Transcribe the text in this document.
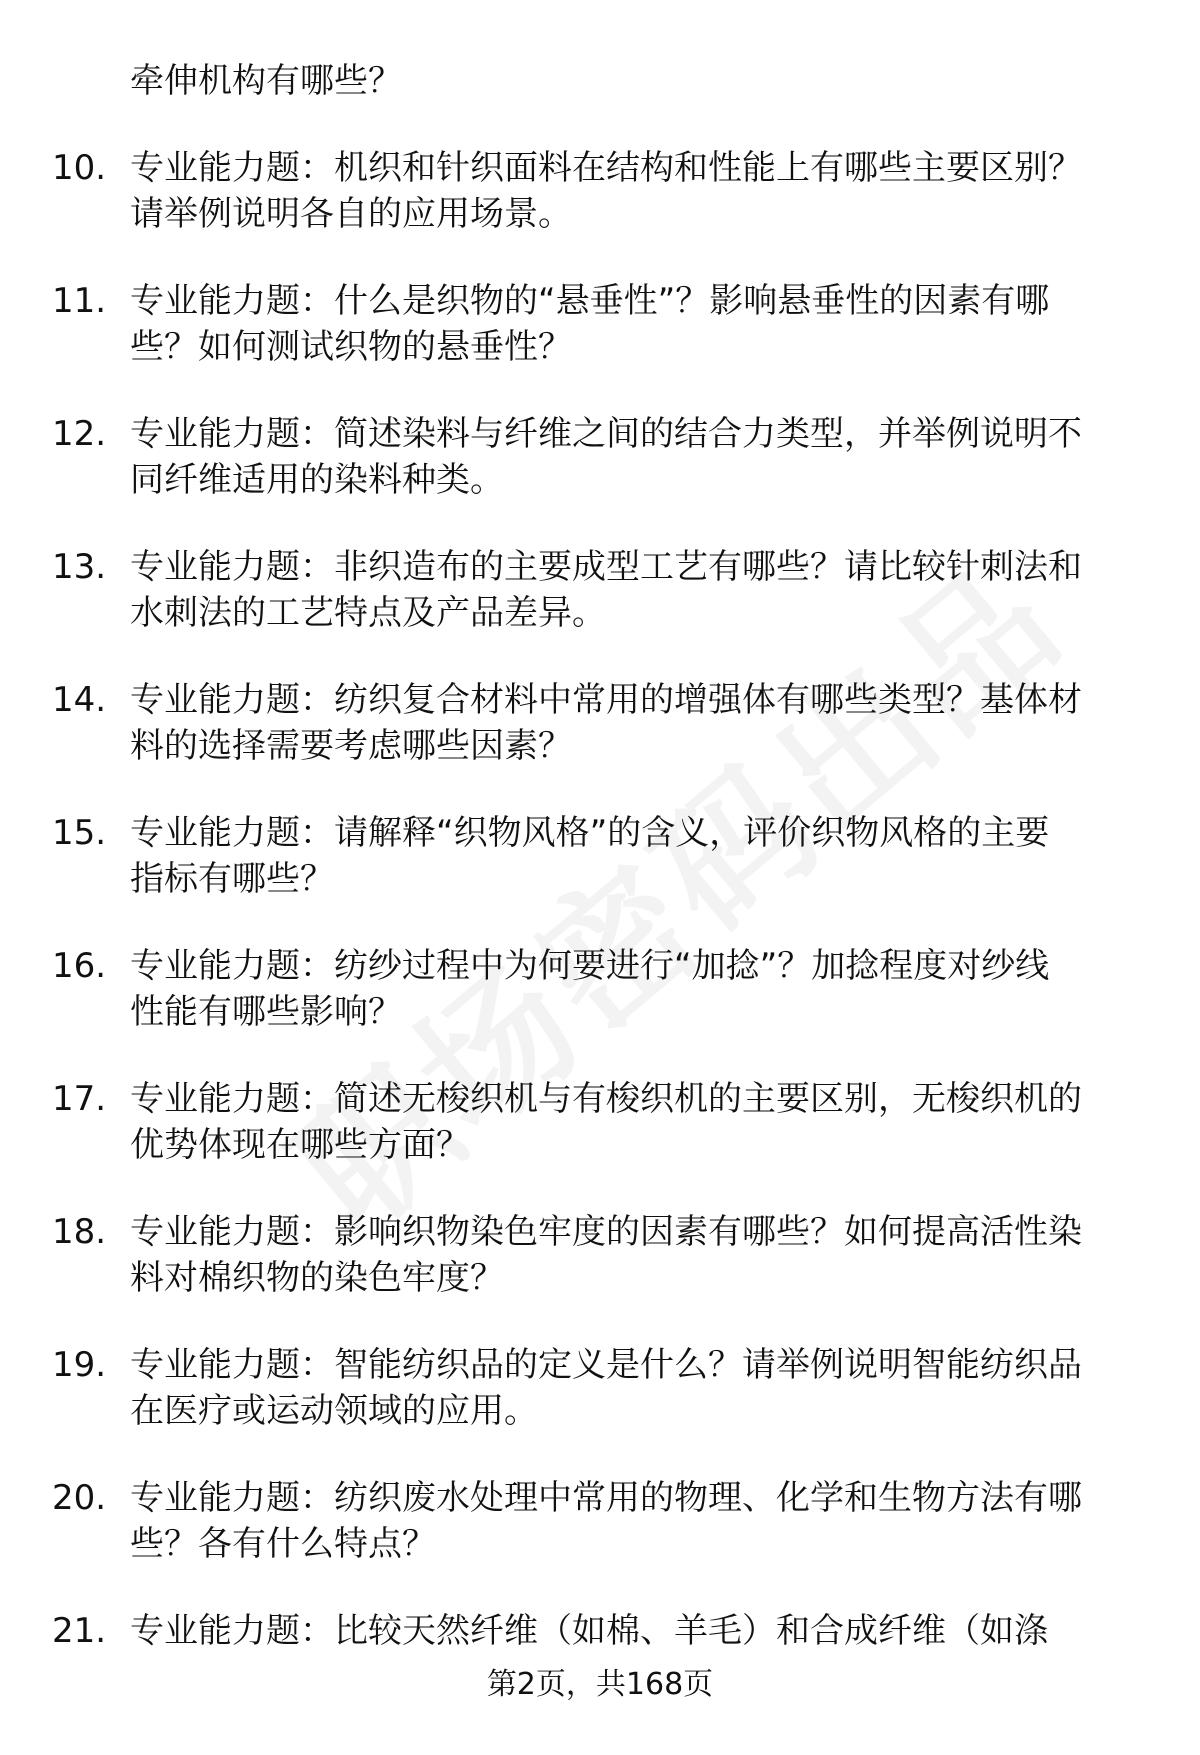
牵伸机构有哪些？
10. 专业能力题：机织和针织面料在结构和性能上有哪些主要区别？
请举例说明各自的应用场景。
11. 专业能力题：什么是织物的“悬垂性”？影响悬垂性的因素有哪
些？如何测试织物的悬垂性？
12. 专业能力题：简述染料与纤维之间的结合力类型，并举例说明不
同纤维适用的染料种类。
13. 专业能力题：非织造布的主要成型工艺有哪些？请比较针刺法和
水刺法的工艺特点及产品差异。
14. 专业能力题：纺织复合材料中常用的增强体有哪些类型？基体材
料的选择需要考虑哪些因素？
15. 专业能力题：请解释“织物风格”的含义，评价织物风格的主要
指标有哪些？
16. 专业能力题：纺纱过程中为何要进行“加捻”？加捻程度对纱线
性能有哪些影响？
17. 专业能力题：简述无梭织机与有梭织机的主要区别，无梭织机的
优势体现在哪些方面？
18. 专业能力题：影响织物染色牢度的因素有哪些？如何提高活性染
料对棉织物的染色牢度？
19. 专业能力题：智能纺织品的定义是什么？请举例说明智能纺织品
在医疗或运动领域的应用。
20. 专业能力题：纺织废水处理中常用的物理、化学和生物方法有哪
些？各有什么特点？
21. 专业能力题：比较天然纤维（如棉、羊毛）和合成纤维（如涤
第2页，共168页
